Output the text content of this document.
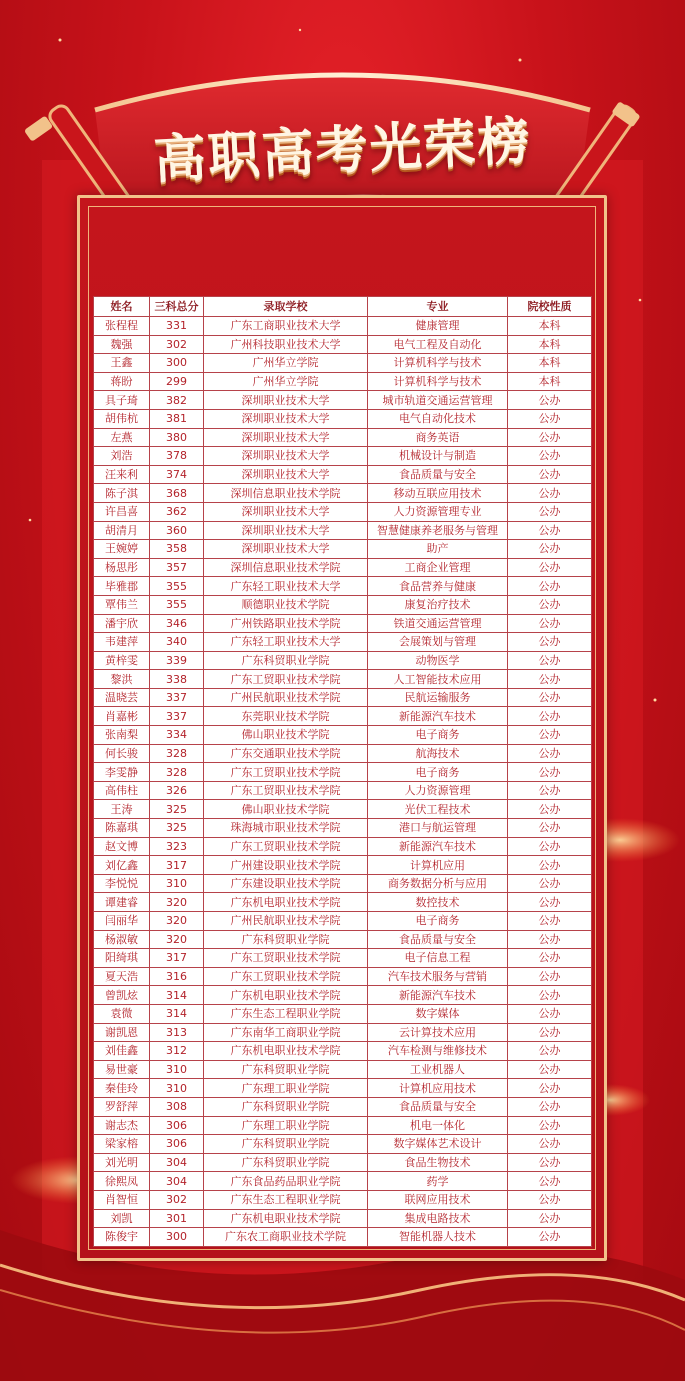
高职高考光荣榜
姓名	三科总分	录取学校	专业	院校性质
张程程	331	广东工商职业技术大学	健康管理	本科
魏强	302	广州科技职业技术大学	电气工程及自动化	本科
王鑫	300	广州华立学院	计算机科学与技术	本科
蒋盼	299	广州华立学院	计算机科学与技术	本科
具子琦	382	深圳职业技术大学	城市轨道交通运营管理	公办
胡伟杭	381	深圳职业技术大学	电气自动化技术	公办
左燕	380	深圳职业技术大学	商务英语	公办
刘浩	378	深圳职业技术大学	机械设计与制造	公办
汪来利	374	深圳职业技术大学	食品质量与安全	公办
陈子淇	368	深圳信息职业技术学院	移动互联应用技术	公办
许昌喜	362	深圳职业技术大学	人力资源管理专业	公办
胡清月	360	深圳职业技术大学	智慧健康养老服务与管理	公办
王婉婷	358	深圳职业技术大学	助产	公办
杨思彤	357	深圳信息职业技术学院	工商企业管理	公办
毕雅郡	355	广东轻工职业技术大学	食品营养与健康	公办
覃伟兰	355	顺德职业技术学院	康复治疗技术	公办
潘宇欣	346	广州铁路职业技术学院	铁道交通运营管理	公办
韦建萍	340	广东轻工职业技术大学	会展策划与管理	公办
黄梓雯	339	广东科贸职业学院	动物医学	公办
黎洪	338	广东工贸职业技术学院	人工智能技术应用	公办
温晓芸	337	广州民航职业技术学院	民航运输服务	公办
肖嘉彬	337	东莞职业技术学院	新能源汽车技术	公办
张南梨	334	佛山职业技术学院	电子商务	公办
何长骏	328	广东交通职业技术学院	航海技术	公办
李雯静	328	广东工贸职业技术学院	电子商务	公办
高伟柱	326	广东工贸职业技术学院	人力资源管理	公办
王涛	325	佛山职业技术学院	光伏工程技术	公办
陈嘉琪	325	珠海城市职业技术学院	港口与航运管理	公办
赵文博	323	广东工贸职业技术学院	新能源汽车技术	公办
刘亿鑫	317	广州建设职业技术学院	计算机应用	公办
李悦悦	310	广东建设职业技术学院	商务数据分析与应用	公办
谭建睿	320	广东机电职业技术学院	数控技术	公办
闫丽华	320	广州民航职业技术学院	电子商务	公办
杨淑敏	320	广东科贸职业学院	食品质量与安全	公办
阳绮琪	317	广东工贸职业技术学院	电子信息工程	公办
夏天浩	316	广东工贸职业技术学院	汽车技术服务与营销	公办
曾凯炫	314	广东机电职业技术学院	新能源汽车技术	公办
袁微	314	广东生态工程职业学院	数字媒体	公办
谢凯恩	313	广东南华工商职业学院	云计算技术应用	公办
刘佳鑫	312	广东机电职业技术学院	汽车检测与维修技术	公办
易世豪	310	广东科贸职业学院	工业机器人	公办
秦佳玲	310	广东理工职业学院	计算机应用技术	公办
罗舒萍	308	广东科贸职业学院	食品质量与安全	公办
谢志杰	306	广东理工职业学院	机电一体化	公办
梁家榕	306	广东科贸职业学院	数字媒体艺术设计	公办
刘光明	304	广东科贸职业学院	食品生物技术	公办
徐熙凤	304	广东食品药品职业学院	药学	公办
肖智恒	302	广东生态工程职业学院	联网应用技术	公办
刘凯	301	广东机电职业技术学院	集成电路技术	公办
陈俊宇	300	广东农工商职业技术学院	智能机器人技术	公办
